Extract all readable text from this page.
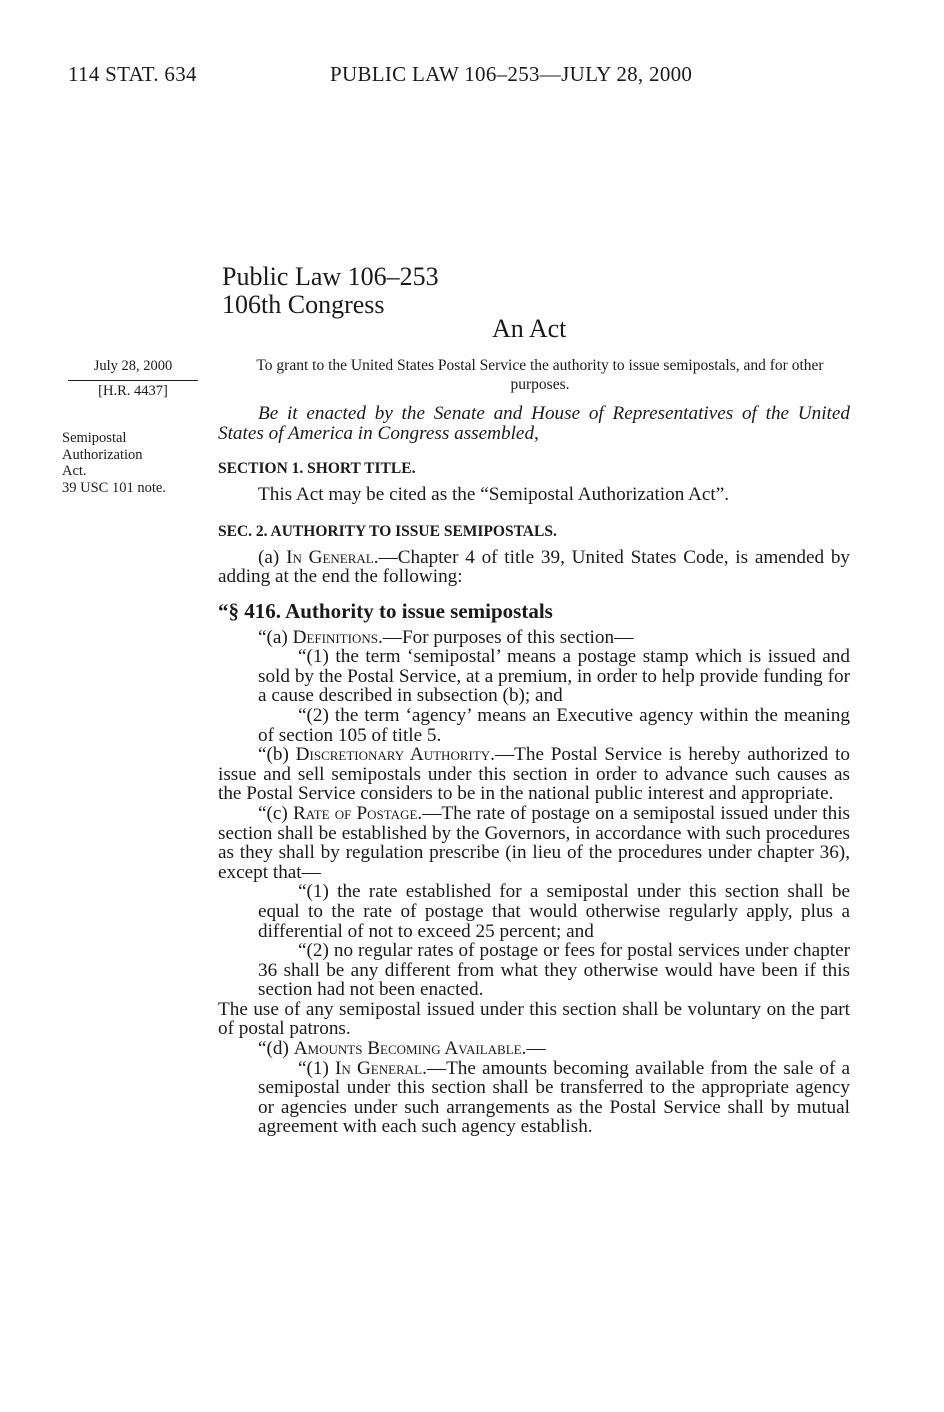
114 STAT. 634	PUBLIC LAW 106–253—JULY 28, 2000
Public Law 106–253
106th Congress
An Act
To grant to the United States Postal Service the authority to issue semipostals, and for other purposes.
July 28, 2000
[H.R. 4437]
Semipostal
Authorization
Act.
39 USC 101 note.

Be it enacted by the Senate and House of Representatives of the United States of America in Congress assembled,

SECTION 1. SHORT TITLE.

This Act may be cited as the “Semipostal Authorization Act”.

SEC. 2. AUTHORITY TO ISSUE SEMIPOSTALS.

(a) In General.—Chapter 4 of title 39, United States Code, is amended by adding at the end the following:

“§ 416. Authority to issue semipostals

“(a) Definitions.—For purposes of this section—

“(1) the term ‘semipostal’ means a postage stamp which is issued and sold by the Postal Service, at a premium, in order to help provide funding for a cause described in subsection (b); and

“(2) the term ‘agency’ means an Executive agency within the meaning of section 105 of title 5.

“(b) Discretionary Authority.—The Postal Service is hereby authorized to issue and sell semipostals under this section in order to advance such causes as the Postal Service considers to be in the national public interest and appropriate.

“(c) Rate of Postage.—The rate of postage on a semipostal issued under this section shall be established by the Governors, in accordance with such procedures as they shall by regulation prescribe (in lieu of the procedures under chapter 36), except that—

“(1) the rate established for a semipostal under this section shall be equal to the rate of postage that would otherwise regularly apply, plus a differential of not to exceed 25 percent; and

“(2) no regular rates of postage or fees for postal services under chapter 36 shall be any different from what they otherwise would have been if this section had not been enacted.

The use of any semipostal issued under this section shall be voluntary on the part of postal patrons.

“(d) Amounts Becoming Available.—

“(1) In General.—The amounts becoming available from the sale of a semipostal under this section shall be transferred to the appropriate agency or agencies under such arrangements as the Postal Service shall by mutual agreement with each such agency establish.
